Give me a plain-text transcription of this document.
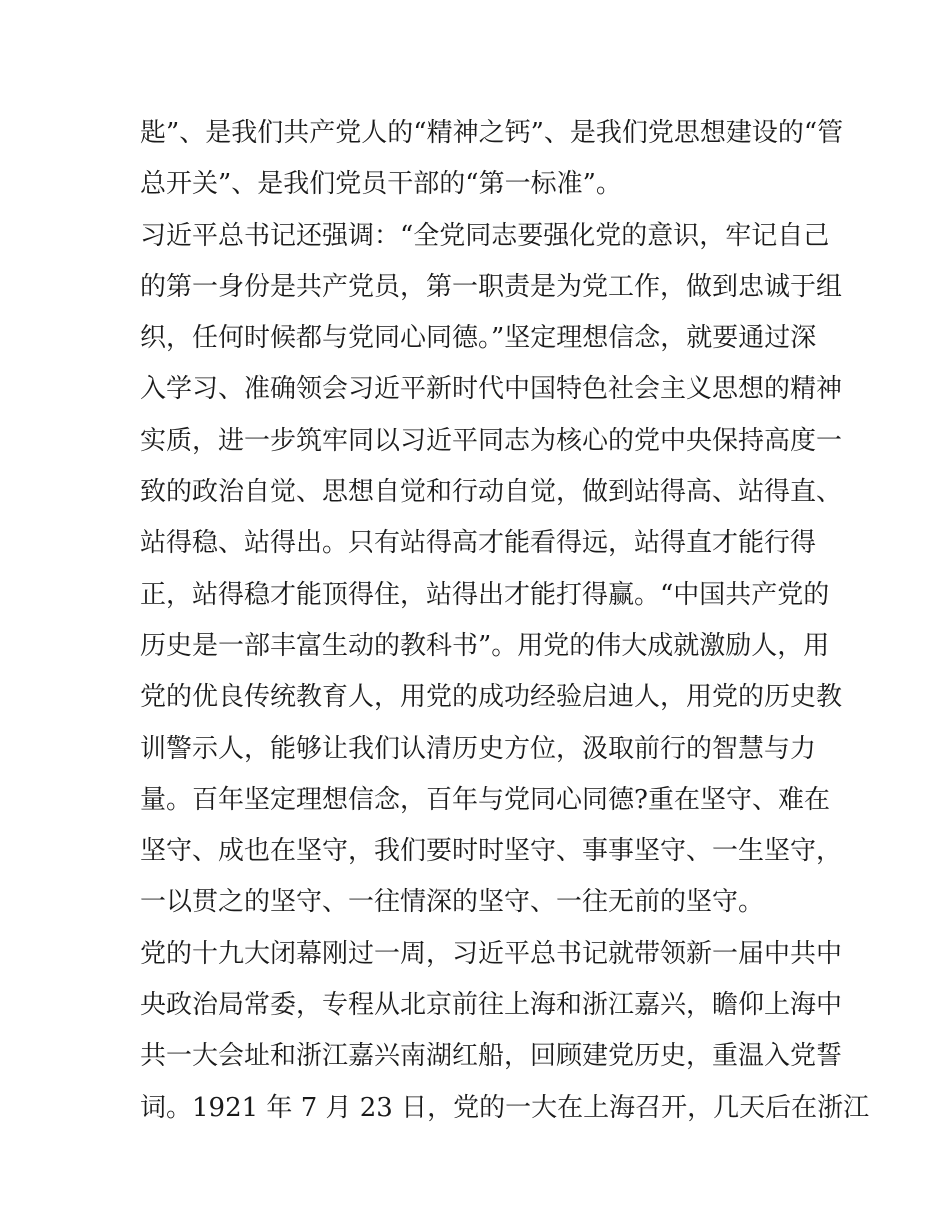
匙”、是我们共产党人的“精神之钙”、是我们党思想建设的“管
总开关”、是我们党员干部的“第一标准”。
习近平总书记还强调：“全党同志要强化党的意识，牢记自己
的第一身份是共产党员，第一职责是为党工作，做到忠诚于组
织，任何时候都与党同心同德。”坚定理想信念，就要通过深
入学习、准确领会习近平新时代中国特色社会主义思想的精神
实质，进一步筑牢同以习近平同志为核心的党中央保持高度一
致的政治自觉、思想自觉和行动自觉，做到站得高、站得直、
站得稳、站得出。只有站得高才能看得远，站得直才能行得
正，站得稳才能顶得住，站得出才能打得赢。“中国共产党的
历史是一部丰富生动的教科书”。用党的伟大成就激励人，用
党的优良传统教育人，用党的成功经验启迪人，用党的历史教
训警示人，能够让我们认清历史方位，汲取前行的智慧与力
量。百年坚定理想信念，百年与党同心同德?重在坚守、难在
坚守、成也在坚守，我们要时时坚守、事事坚守、一生坚守，
一以贯之的坚守、一往情深的坚守、一往无前的坚守。
党的十九大闭幕刚过一周，习近平总书记就带领新一届中共中
央政治局常委，专程从北京前往上海和浙江嘉兴，瞻仰上海中
共一大会址和浙江嘉兴南湖红船，回顾建党历史，重温入党誓
词。1921 年 7 月 23 日，党的一大在上海召开，几天后在浙江
